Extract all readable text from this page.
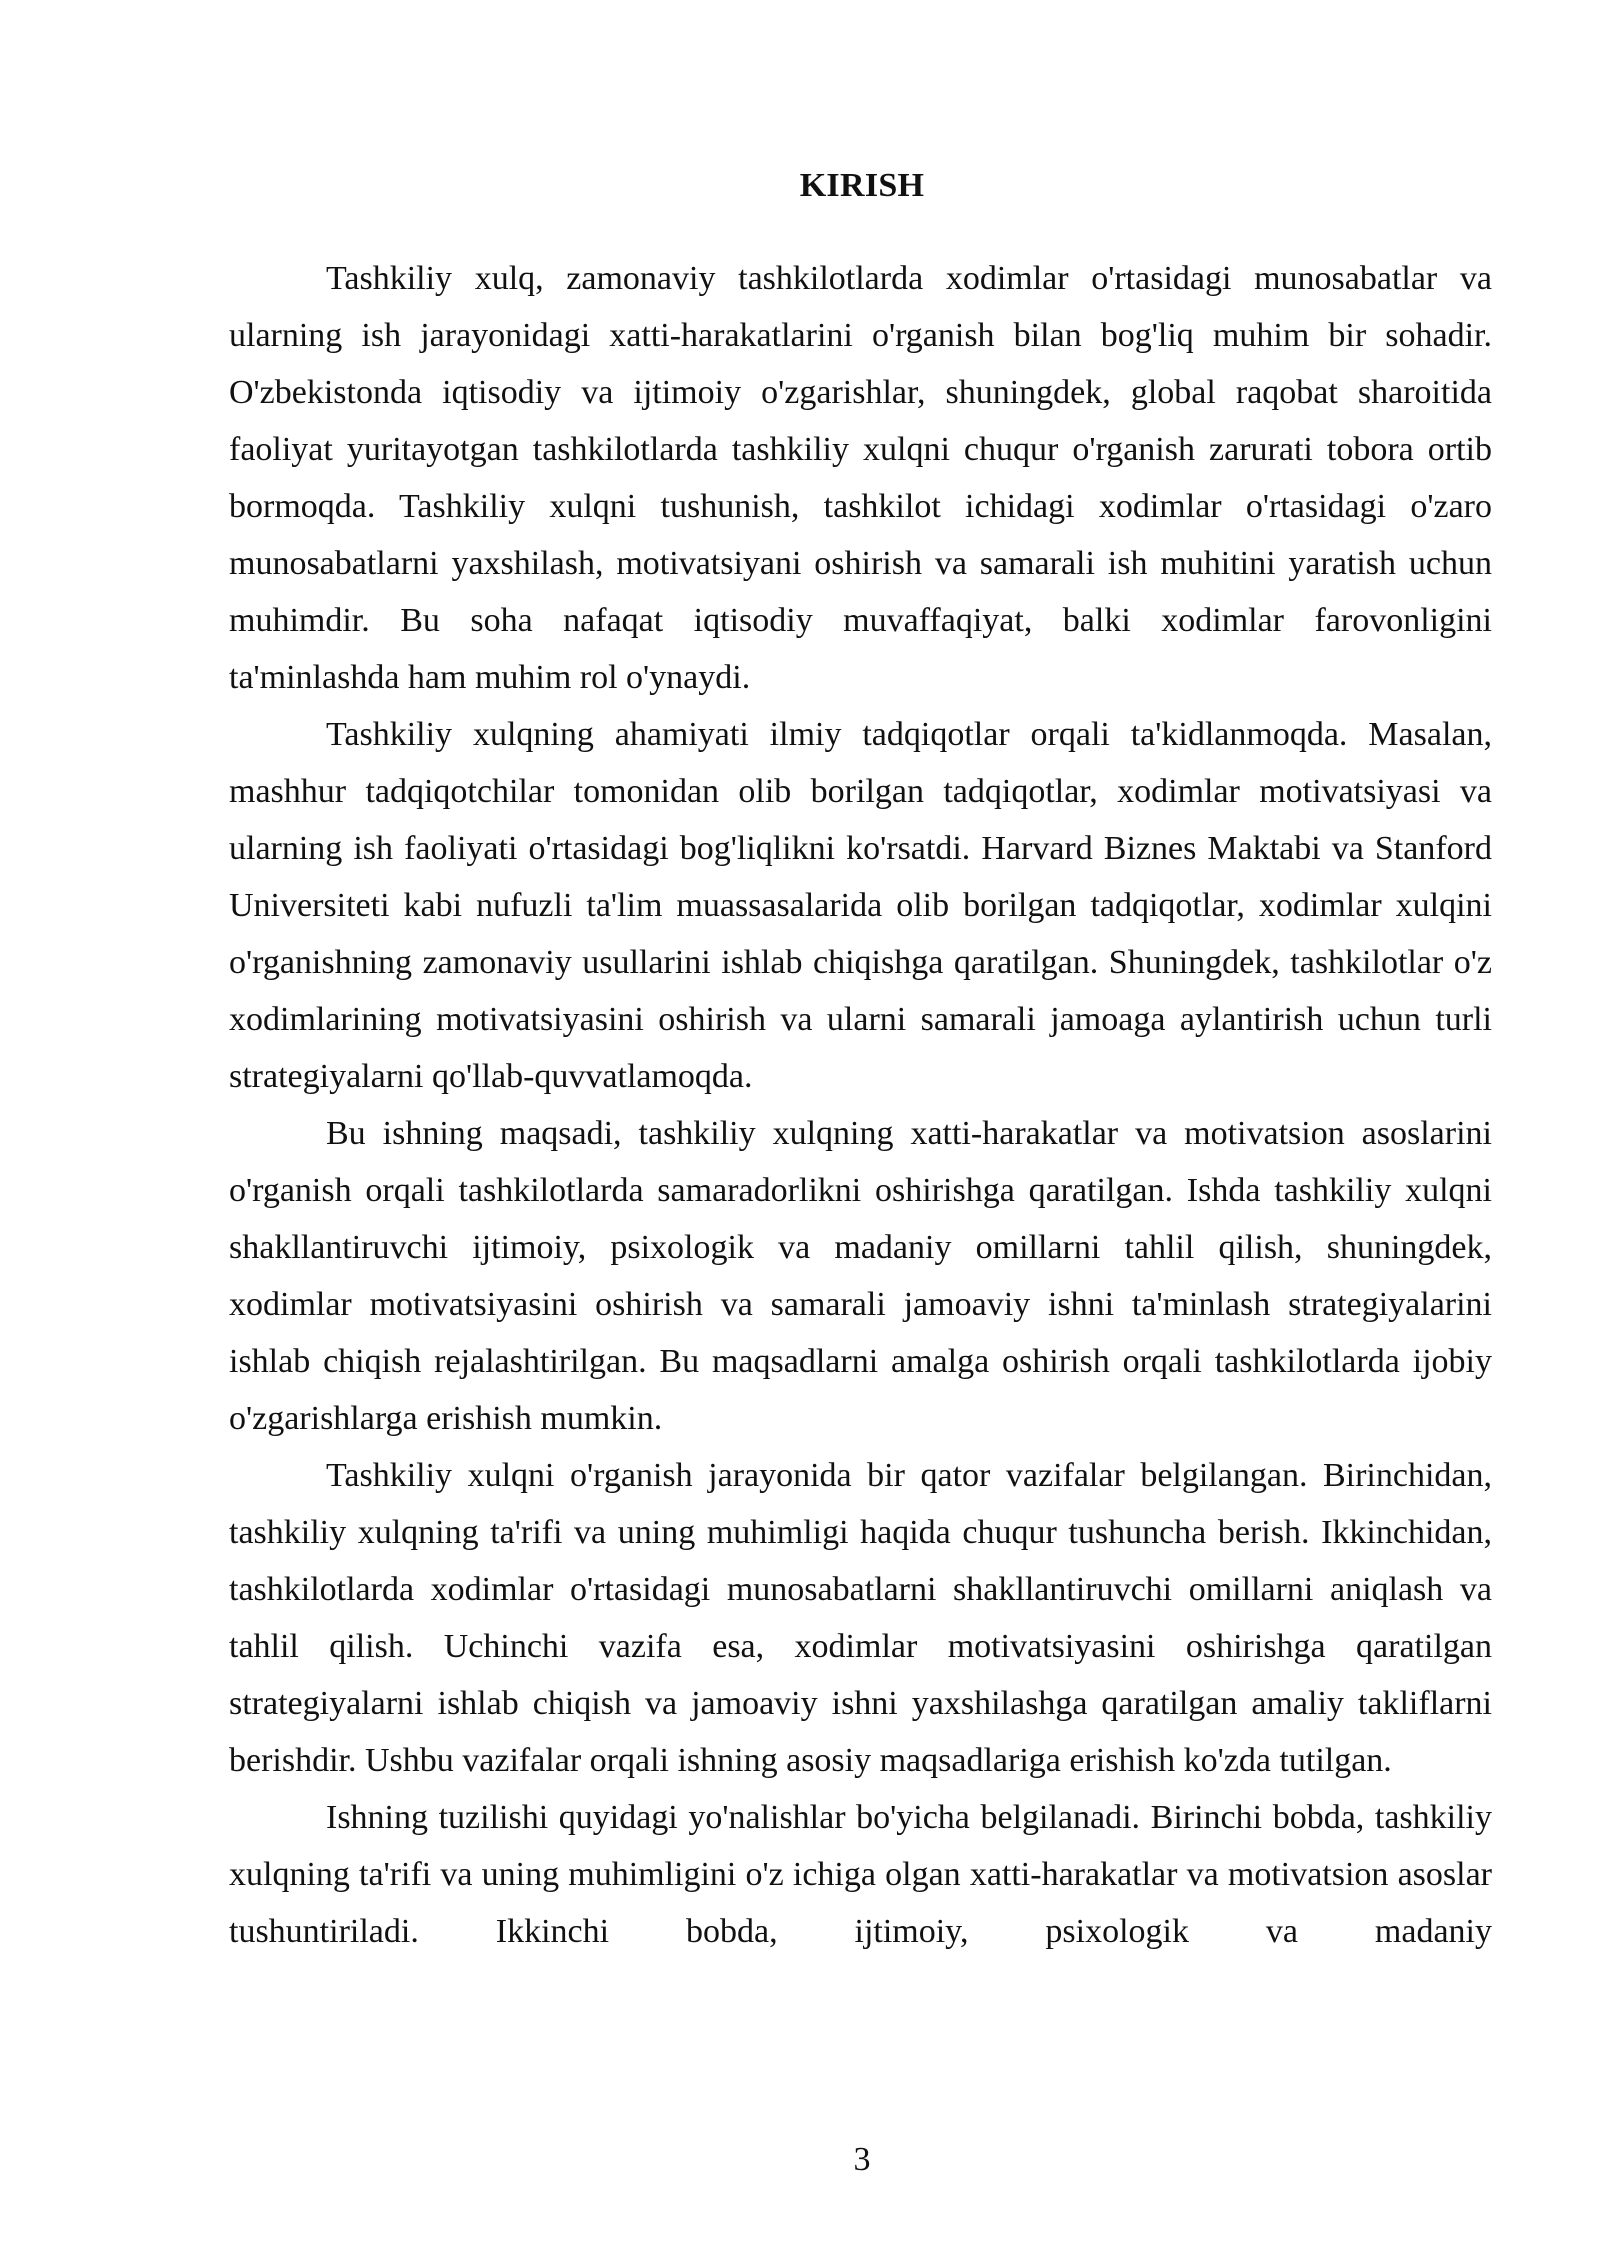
KIRISH

Tashkiliy xulq, zamonaviy tashkilotlarda xodimlar o'rtasidagi munosabatlar va ularning ish jarayonidagi xatti-harakatlarini o'rganish bilan bog'liq muhim bir sohadir. O'zbekistonda iqtisodiy va ijtimoiy o'zgarishlar, shuningdek, global raqobat sharoitida faoliyat yuritayotgan tashkilotlarda tashkiliy xulqni chuqur o'rganish zarurati tobora ortib bormoqda. Tashkiliy xulqni tushunish, tashkilot ichidagi xodimlar o'rtasidagi o'zaro munosabatlarni yaxshilash, motivatsiyani oshirish va samarali ish muhitini yaratish uchun muhimdir. Bu soha nafaqat iqtisodiy muvaffaqiyat, balki xodimlar farovonligini ta'minlashda ham muhim rol o'ynaydi.

Tashkiliy xulqning ahamiyati ilmiy tadqiqotlar orqali ta'kidlanmoqda. Masalan, mashhur tadqiqotchilar tomonidan olib borilgan tadqiqotlar, xodimlar motivatsiyasi va ularning ish faoliyati o'rtasidagi bog'liqlikni ko'rsatdi. Harvard Biznes Maktabi va Stanford Universiteti kabi nufuzli ta'lim muassasalarida olib borilgan tadqiqotlar, xodimlar xulqini o'rganishning zamonaviy usullarini ishlab chiqishga qaratilgan. Shuningdek, tashkilotlar o'z xodimlarining motivatsiyasini oshirish va ularni samarali jamoaga aylantirish uchun turli strategiyalarni qo'llab-quvvatlamoqda.

Bu ishning maqsadi, tashkiliy xulqning xatti-harakatlar va motivatsion asoslarini o'rganish orqali tashkilotlarda samaradorlikni oshirishga qaratilgan. Ishda tashkiliy xulqni shakllantiruvchi ijtimoiy, psixologik va madaniy omillarni tahlil qilish, shuningdek, xodimlar motivatsiyasini oshirish va samarali jamoaviy ishni ta'minlash strategiyalarini ishlab chiqish rejalashtirilgan. Bu maqsadlarni amalga oshirish orqali tashkilotlarda ijobiy o'zgarishlarga erishish mumkin.

Tashkiliy xulqni o'rganish jarayonida bir qator vazifalar belgilangan. Birinchidan, tashkiliy xulqning ta'rifi va uning muhimligi haqida chuqur tushuncha berish. Ikkinchidan, tashkilotlarda xodimlar o'rtasidagi munosabatlarni shakllantiruvchi omillarni aniqlash va tahlil qilish. Uchinchi vazifa esa, xodimlar motivatsiyasini oshirishga qaratilgan strategiyalarni ishlab chiqish va jamoaviy ishni yaxshilashga qaratilgan amaliy takliflarni berishdir. Ushbu vazifalar orqali ishning asosiy maqsadlariga erishish ko'zda tutilgan.

Ishning tuzilishi quyidagi yo'nalishlar bo'yicha belgilanadi. Birinchi bobda, tashkiliy xulqning ta'rifi va uning muhimligini o'z ichiga olgan xatti-harakatlar va motivatsion asoslar tushuntiriladi. Ikkinchi bobda, ijtimoiy, psixologik va madaniy

3
